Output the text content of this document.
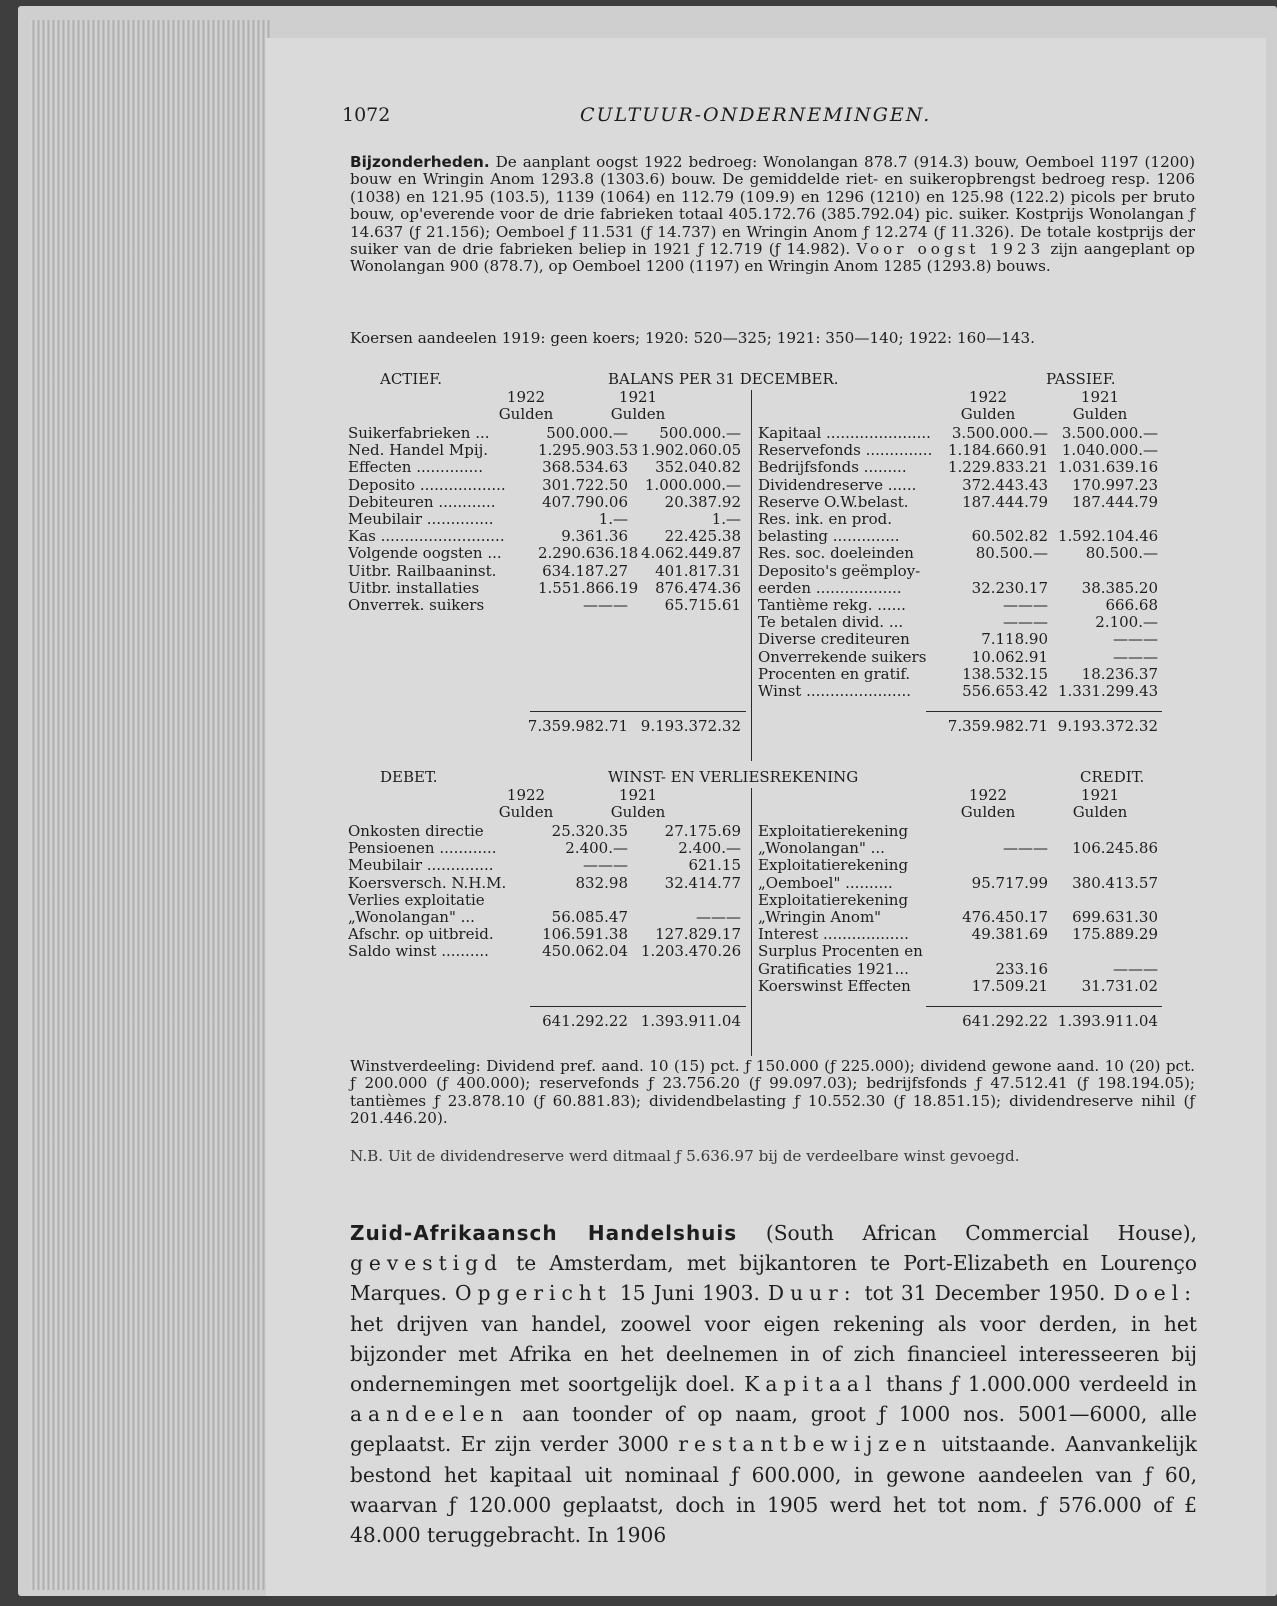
1072	CULTUUR-ONDERNEMINGEN.
Bijzonderheden. De aanplant oogst 1922 bedroeg: Wonolangan 878.7 (914.3) bouw, Oemboel 1197 (1200) bouw en Wringin Anom 1293.8 (1303.6) bouw. De gemiddelde riet- en suikeropbrengst bedroeg resp. 1206 (1038) en 121.95 (103.5), 1139 (1064) en 112.79 (109.9) en 1296 (1210) en 125.98 (122.2) picols per bruto bouw, op'everende voor de drie fabrieken totaal 405.172.76 (385.792.04) pic. suiker. Kostprijs Wonolangan ƒ 14.637 (ƒ 21.156); Oemboel ƒ 11.531 (ƒ 14.737) en Wringin Anom ƒ 12.274 (ƒ 11.326). De totale kostprijs der suiker van de drie fabrieken beliep in 1921 ƒ 12.719 (ƒ 14.982). Voor oogst 1923 zijn aangeplant op Wonolangan 900 (878.7), op Oemboel 1200 (1197) en Wringin Anom 1285 (1293.8) bouws.
Koersen aandeelen 1919: geen koers; 1920: 520—325; 1921: 350—140; 1922: 160—143.
ACTIEF.	BALANS PER 31 DECEMBER.	PASSIEF.
1922
Gulden
1921
Gulden
1922
Gulden
1921
Gulden
Suikerfabrieken ...	500.000.—	500.000.—
Ned. Handel Mpij.	1.295.903.53 1.902.060.05
Effecten ..............	368.534.63	352.040.82
Deposito ..................	301.722.50 1.000.000.—
Debiteuren ............	407.790.06	20.387.92
Meubilair ..............	1.—	1.—
Kas ..........................	9.361.36	22.425.38
Volgende oogsten ...	2.290.636.18 4.062.449.87
Uitbr. Railbaaninst.	634.187.27	401.817.31
Uitbr. installaties	1.551.866.19	876.474.36
Onverrek. suikers	———	65.715.61
Kapitaal ......................	3.500.000.— 3.500.000.—
Reservefonds ..............	1.184.660.91 1.040.000.—
Bedrijfsfonds .........	1.229.833.21 1.031.639.16
Dividendreserve ......	372.443.43	170.997.23
Reserve O.W.belast.	187.444.79	187.444.79
Res. ink. en prod.
belasting ..............	60.502.82 1.592.104.46
Res. soc. doeleinden	80.500.—	80.500.—
Deposito's geëmploy-
eerden ..................	32.230.17	38.385.20
Tantième rekg. ......	———	666.68
Te betalen divid. ...	———	2.100.—
Diverse crediteuren	7.118.90	———
Onverrekende suikers	10.062.91	———
Procenten en gratif.	138.532.15	18.236.37
Winst ......................	556.653.42 1.331.299.43
7.359.982.71 9.193.372.32	7.359.982.71 9.193.372.32
DEBET.	WINST- EN VERLIESREKENING	CREDIT.
1922
Gulden
1921
Gulden
1922
Gulden
1921
Gulden
Onkosten directie	25.320.35	27.175.69
Pensioenen ............	2.400.—	2.400.—
Meubilair ..............	———	621.15
Koersversch. N.H.M.	832.98	32.414.77
Verlies exploitatie
„Wonolangan" ...	56.085.47	———
Afschr. op uitbreid.	106.591.38	127.829.17
Saldo winst ..........	450.062.04 1.203.470.26
Exploitatierekening
„Wonolangan" ...	———	106.245.86
Exploitatierekening
„Oemboel" ..........	95.717.99	380.413.57
Exploitatierekening
„Wringin Anom"	476.450.17	699.631.30
Interest ..................	49.381.69	175.889.29
Surplus Procenten en
Gratificaties 1921...	233.16	———
Koerswinst Effecten	17.509.21	31.731.02
641.292.22 1.393.911.04	641.292.22 1.393.911.04
Winstverdeeling: Dividend pref. aand. 10 (15) pct. ƒ 150.000 (ƒ 225.000); dividend gewone aand. 10 (20) pct. ƒ 200.000 (ƒ 400.000); reservefonds ƒ 23.756.20 (ƒ 99.097.03); bedrijfsfonds ƒ 47.512.41 (ƒ 198.194.05); tantièmes ƒ 23.878.10 (ƒ 60.881.83); dividendbelasting ƒ 10.552.30 (ƒ 18.851.15); dividendreserve nihil (ƒ 201.446.20).
N.B. Uit de dividendreserve werd ditmaal ƒ 5.636.97 bij de verdeelbare winst gevoegd.
Zuid-Afrikaansch Handelshuis (South African Commercial House), gevestigd te Amsterdam, met bijkantoren te Port-Elizabeth en Lourenço Marques. Opgericht 15 Juni 1903. Duur: tot 31 December 1950. Doel: het drijven van handel, zoowel voor eigen rekening als voor derden, in het bijzonder met Afrika en het deelnemen in of zich financieel interesseeren bij ondernemingen met soortgelijk doel. Kapitaal thans ƒ 1.000.000 verdeeld in aandeelen aan toonder of op naam, groot ƒ 1000 nos. 5001—6000, alle geplaatst. Er zijn verder 3000 restantbewijzen uitstaande. Aanvankelijk bestond het kapitaal uit nominaal ƒ 600.000, in gewone aandeelen van ƒ 60, waarvan ƒ 120.000 geplaatst, doch in 1905 werd het tot nom. ƒ 576.000 of £ 48.000 teruggebracht. In 1906
